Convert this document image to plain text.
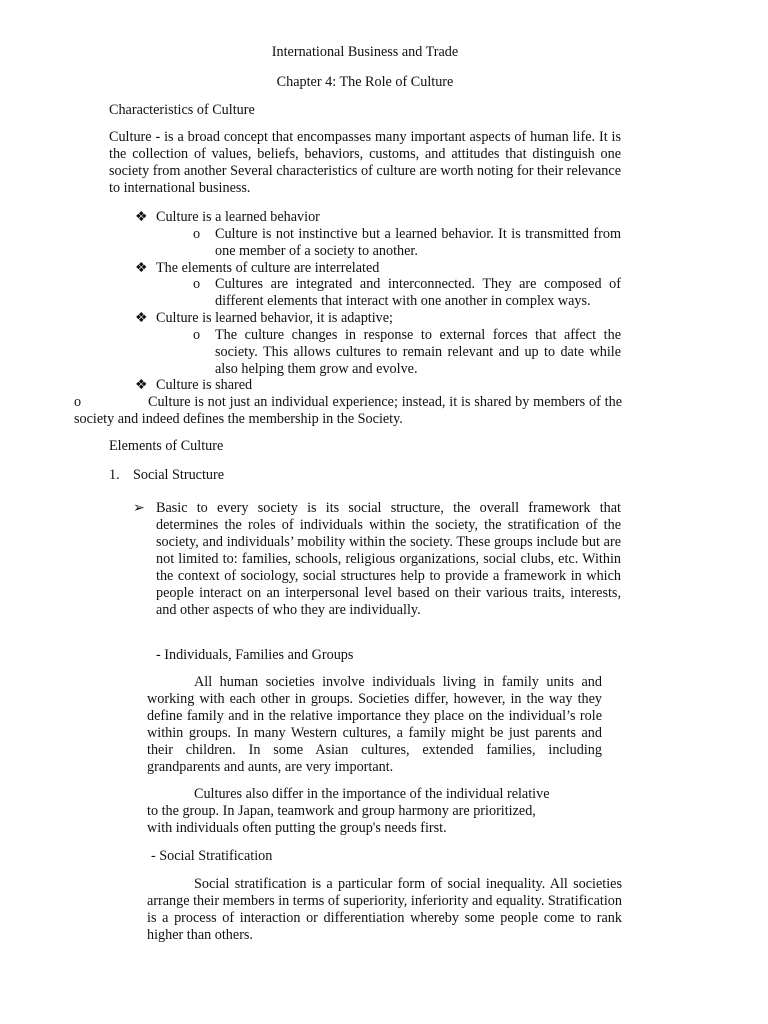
International Business and Trade

Chapter 4: The Role of Culture

Characteristics of Culture

Culture - is a broad concept that encompasses many important aspects of human life. It is the collection of values, beliefs, behaviors, customs, and attitudes that distinguish one society from another Several characteristics of culture are worth noting for their relevance to international business.

❖ Culture is a learned behavior
o Culture is not instinctive but a learned behavior. It is transmitted from one member of a society to another.

❖ The elements of culture are interrelated
o Cultures are integrated and interconnected. They are composed of different elements that interact with one another in complex ways.

❖ Culture is learned behavior, it is adaptive;
o The culture changes in response to external forces that affect the society. This allows cultures to remain relevant and up to date while also helping them grow and evolve.

❖ Culture is shared
o	Culture is not just an individual experience; instead, it is shared by members of the society and indeed defines the membership in the Society.

Elements of Culture

1. Social Structure
➢ Basic to every society is its social structure, the overall framework that determines the roles of individuals within the society, the stratification of the society, and individuals’ mobility within the society. These groups include but are not limited to: families, schools, religious organizations, social clubs, etc. Within the context of sociology, social structures help to provide a framework in which people interact on an interpersonal level based on their various traits, interests, and other aspects of who they are individually.

- Individuals, Families and Groups

All human societies involve individuals living in family units and working with each other in groups. Societies differ, however, in the way they define family and in the relative importance they place on the individual’s role within groups. In many Western cultures, a family might be just parents and their children. In some Asian cultures, extended families, including grandparents and aunts, are very important.

Cultures also differ in the importance of the individual relative

to the group. In Japan, teamwork and group harmony are prioritized,

with individuals often putting the group's needs first.

- Social Stratification

Social stratification is a particular form of social inequality. All societies arrange their members in terms of superiority, inferiority and equality. Stratification is a process of interaction or differentiation whereby some people come to rank higher than others.
